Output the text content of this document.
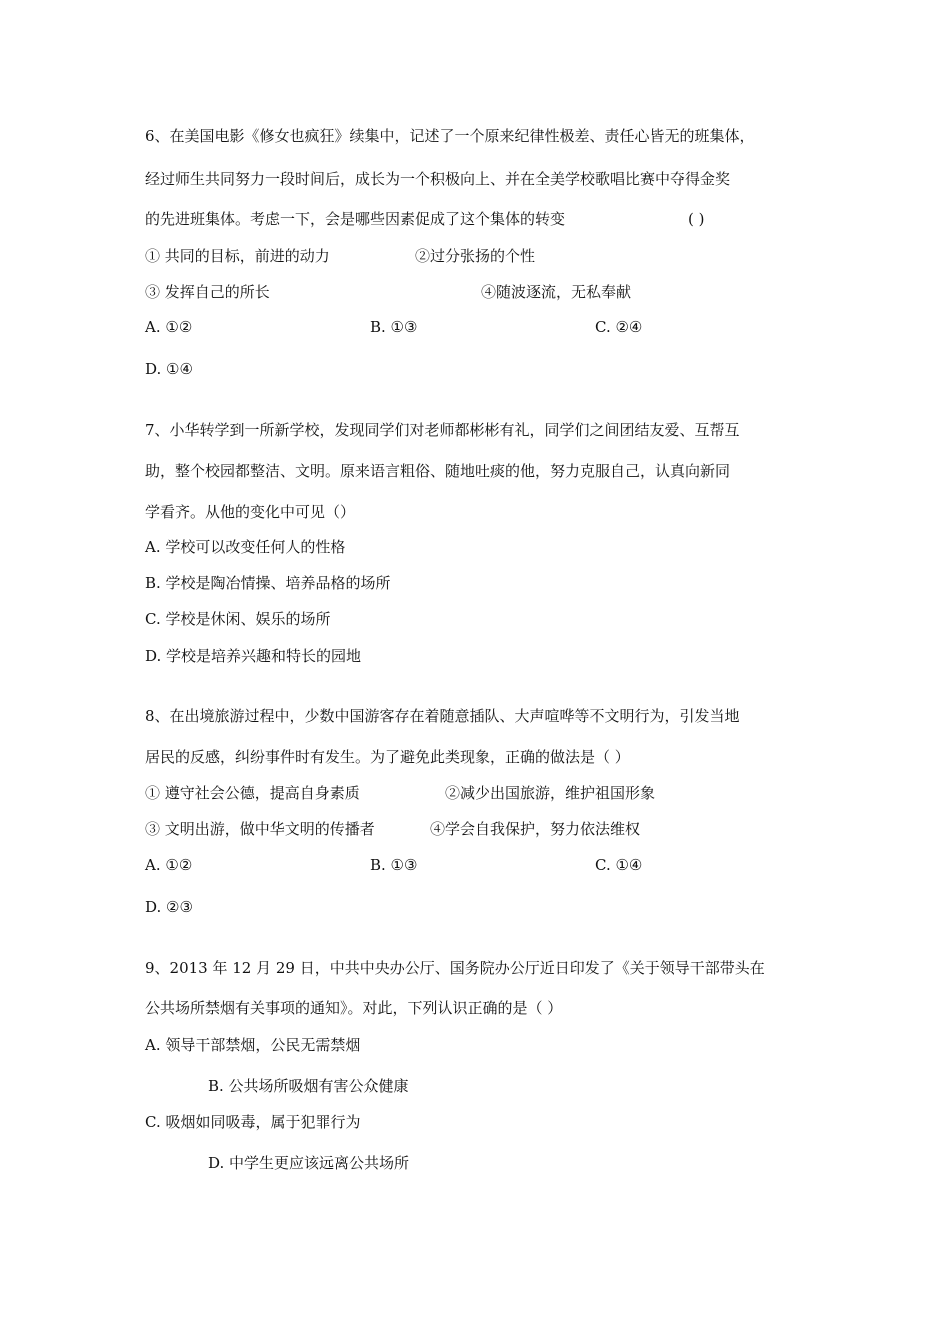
6、在美国电影《修女也疯狂》续集中，记述了一个原来纪律性极差、责任心皆无的班集体，
经过师生共同努力一段时间后，成长为一个积极向上、并在全美学校歌唱比赛中夺得金奖
的先进班集体。考虑一下，会是哪些因素促成了这个集体的转变	( )
① 共同的目标，前进的动力	②过分张扬的个性
③ 发挥自己的所长	④随波逐流，无私奉献
A. ①②	B. ①③	C. ②④
D. ①④
7、小华转学到一所新学校，发现同学们对老师都彬彬有礼，同学们之间团结友爱、互帮互
助，整个校园都整洁、文明。原来语言粗俗、随地吐痰的他，努力克服自己，认真向新同
学看齐。从他的变化中可见（）
A. 学校可以改变任何人的性格
B. 学校是陶冶情操、培养品格的场所
C. 学校是休闲、娱乐的场所
D. 学校是培养兴趣和特长的园地
8、在出境旅游过程中，少数中国游客存在着随意插队、大声喧哗等不文明行为，引发当地
居民的反感，纠纷事件时有发生。为了避免此类现象，正确的做法是（ ）
① 遵守社会公德，提高自身素质	②减少出国旅游，维护祖国形象
③ 文明出游，做中华文明的传播者	④学会自我保护，努力依法维权
A. ①②	B. ①③	C. ①④
D. ②③
9、2013 年 12 月 29 日，中共中央办公厅、国务院办公厅近日印发了《关于领导干部带头在
公共场所禁烟有关事项的通知》。对此，下列认识正确的是（ ）
A. 领导干部禁烟，公民无需禁烟
B. 公共场所吸烟有害公众健康
C. 吸烟如同吸毒，属于犯罪行为
D. 中学生更应该远离公共场所
